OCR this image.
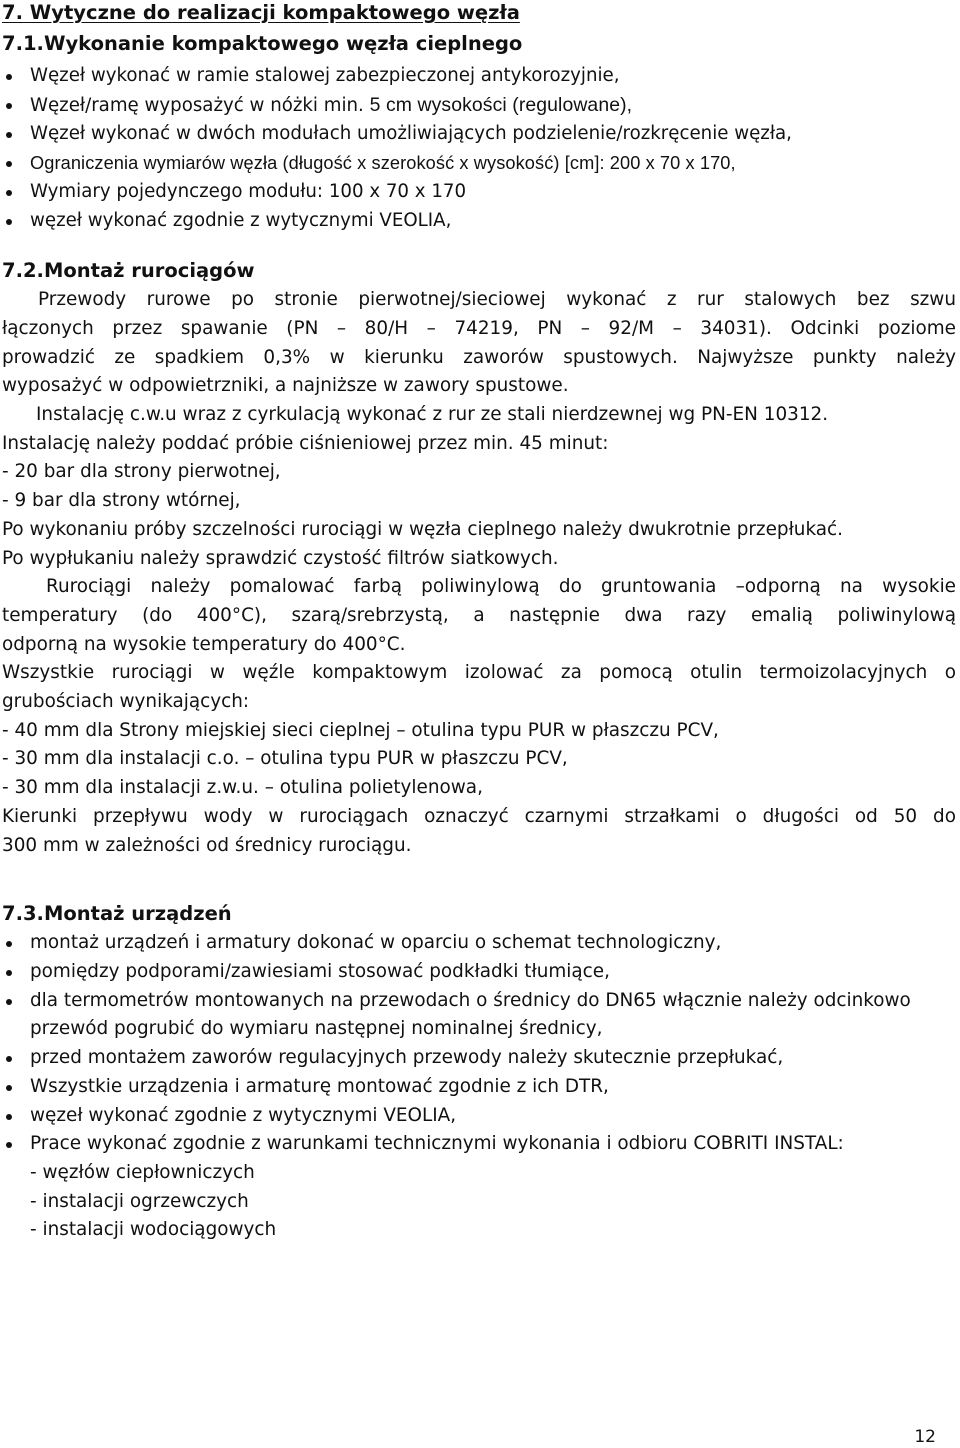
7. Wytyczne do realizacji kompaktowego węzła
7.1.Wykonanie kompaktowego węzła cieplnego
Węzeł wykonać w ramie stalowej zabezpieczonej antykorozyjnie,
Węzeł/ramę wyposażyć w nóżki min. 5 cm wysokości (regulowane),
Węzeł wykonać w dwóch modułach umożliwiających podzielenie/rozkręcenie węzła,
Ograniczenia wymiarów węzła (długość x szerokość x wysokość) [cm]: 200 x 70 x 170,
Wymiary pojedynczego modułu: 100 x 70 x 170
węzeł wykonać zgodnie z wytycznymi VEOLIA,
7.2.Montaż rurociągów

Przewody rurowe po stronie pierwotnej/sieciowej wykonać z rur stalowych bez szwu

łączonych przez spawanie (PN – 80/H – 74219, PN – 92/M – 34031). Odcinki poziome

prowadzić ze spadkiem 0,3% w kierunku zaworów spustowych. Najwyższe punkty należy

wyposażyć w odpowietrzniki, a najniższe w zawory spustowe.

Instalację c.w.u wraz z cyrkulacją wykonać z rur ze stali nierdzewnej wg PN-EN 10312.

Instalację należy poddać próbie ciśnieniowej przez min. 45 minut:

- 20 bar dla strony pierwotnej,

- 9 bar dla strony wtórnej,

Po wykonaniu próby szczelności rurociągi w węzła cieplnego należy dwukrotnie przepłukać.

Po wypłukaniu należy sprawdzić czystość filtrów siatkowych.

Rurociągi należy pomalować farbą poliwinylową do gruntowania –odporną na wysokie

temperatury (do 400°C), szarą/srebrzystą, a następnie dwa razy emalią poliwinylową

odporną na wysokie temperatury do 400°C.

Wszystkie rurociągi w węźle kompaktowym izolować za pomocą otulin termoizolacyjnych o

grubościach wynikających:

- 40 mm dla Strony miejskiej sieci cieplnej – otulina typu PUR w płaszczu PCV,

- 30 mm dla instalacji c.o. – otulina typu PUR w płaszczu PCV,

- 30 mm dla instalacji z.w.u. – otulina polietylenowa,

Kierunki przepływu wody w rurociągach oznaczyć czarnymi strzałkami o długości od 50 do

300 mm w zależności od średnicy rurociągu.

7.3.Montaż urządzeń
montaż urządzeń i armatury dokonać w oparciu o schemat technologiczny,
pomiędzy podporami/zawiesiami stosować podkładki tłumiące,
dla termometrów montowanych na przewodach o średnicy do DN65 włącznie należy odcinkowo przewód pogrubić do wymiaru następnej nominalnej średnicy,
przed montażem zaworów regulacyjnych przewody należy skutecznie przepłukać,
Wszystkie urządzenia i armaturę montować zgodnie z ich DTR,
węzeł wykonać zgodnie z wytycznymi VEOLIA,
Prace wykonać zgodnie z warunkami technicznymi wykonania i odbioru COBRITI INSTAL:

- węzłów ciepłowniczych

- instalacji ogrzewczych

- instalacji wodociągowych

12
